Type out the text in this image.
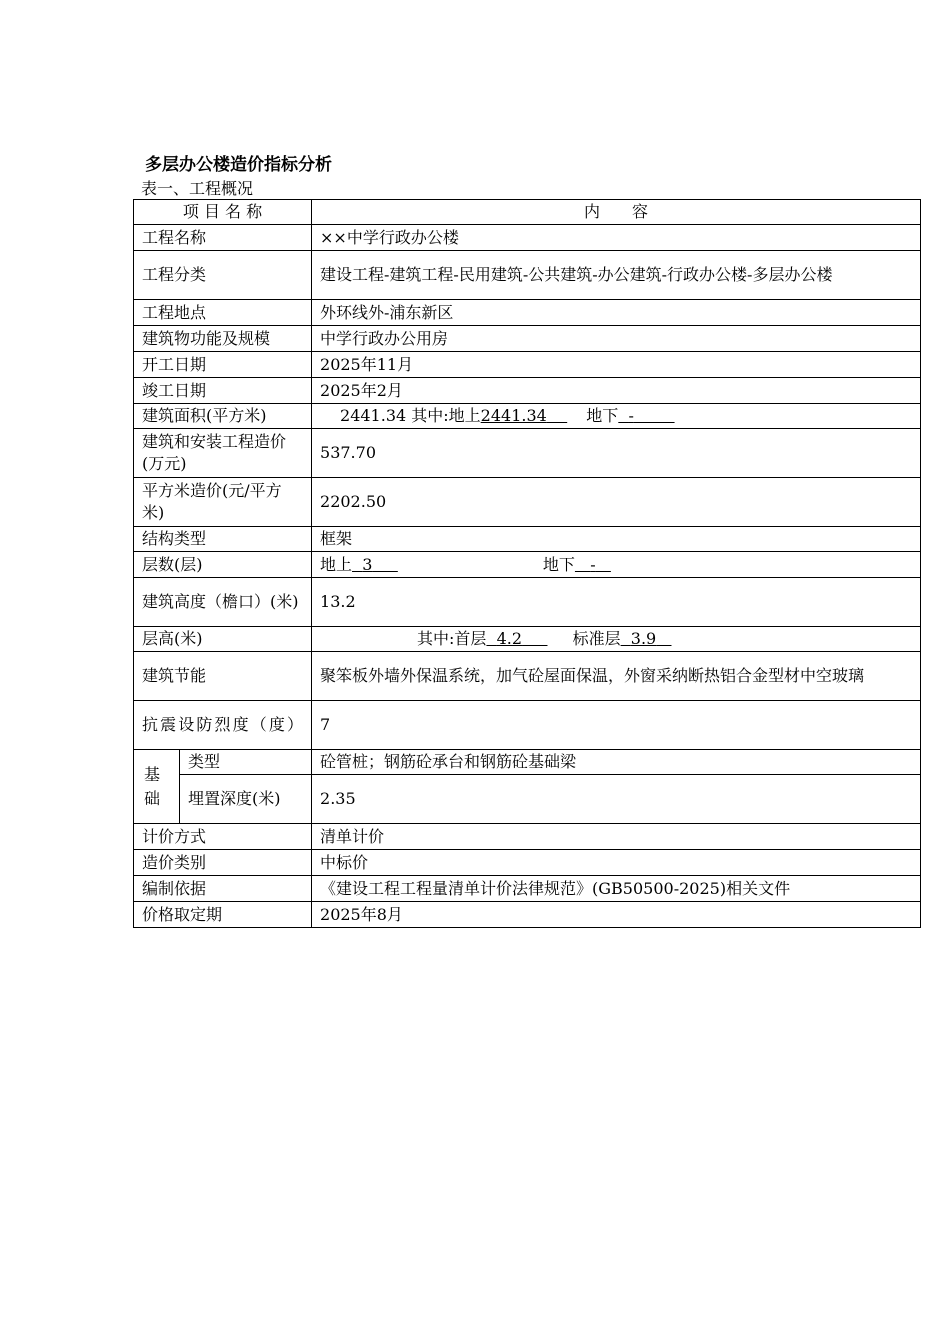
多层办公楼造价指标分析
表一、工程概况
项 目 名 称		内　　容
工程名称		××中学行政办公楼
工程分类		建设工程-建筑工程-民用建筑-公共建筑-办公建筑-行政办公楼-多层办公楼
工程地点		外环线外-浦东新区
建筑物功能及规模		中学行政办公用房
开工日期		2025年11月
竣工日期		2025年2月
建筑面积(平方米)		2441.34 其中:地上2441.34 地下 -
建筑和安装工程造价(万元)		537.70
平方米造价(元/平方米)		2202.50
结构类型		框架
层数(层)		地上 3 地下 -
建筑高度（檐口）(米)		13.2
层高(米)		其中:首层 4.2 标准层 3.9
建筑节能		聚笨板外墙外保温系统，加气砼屋面保温，外窗采纳断热铝合金型材中空玻璃

抗震设防烈度（度）		7
基础	类型	砼管桩；钢筋砼承台和钢筋砼基础梁
	埋置深度(米)	2.35
计价方式		清单计价
造价类别		中标价
编制依据		《建设工程工程量清单计价法律规范》(GB50500-2025)相关文件
价格取定期		2025年8月
